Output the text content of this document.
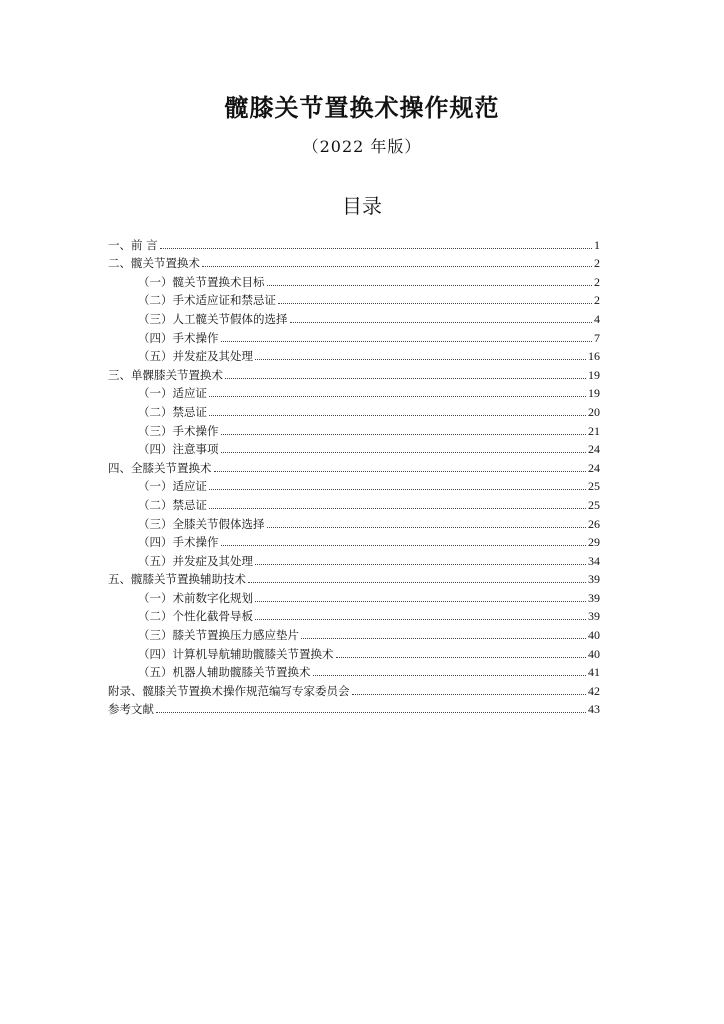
髋膝关节置换术操作规范
（2022 年版）
目录
一、前 言	1
二、髋关节置换术	2
（一）髋关节置换术目标	2
（二）手术适应证和禁忌证	2
（三）人工髋关节假体的选择	4
（四）手术操作	7
（五）并发症及其处理	16
三、单髁膝关节置换术	19
（一）适应证	19
（二）禁忌证	20
（三）手术操作	21
（四）注意事项	24
四、全膝关节置换术	24
（一）适应证	25
（二）禁忌证	25
（三）全膝关节假体选择	26
（四）手术操作	29
（五）并发症及其处理	34
五、髋膝关节置换辅助技术	39
（一）术前数字化规划	39
（二）个性化截骨导板	39
（三）膝关节置换压力感应垫片	40
（四）计算机导航辅助髋膝关节置换术	40
（五）机器人辅助髋膝关节置换术	41
附录、髋膝关节置换术操作规范编写专家委员会	42
参考文献	43
